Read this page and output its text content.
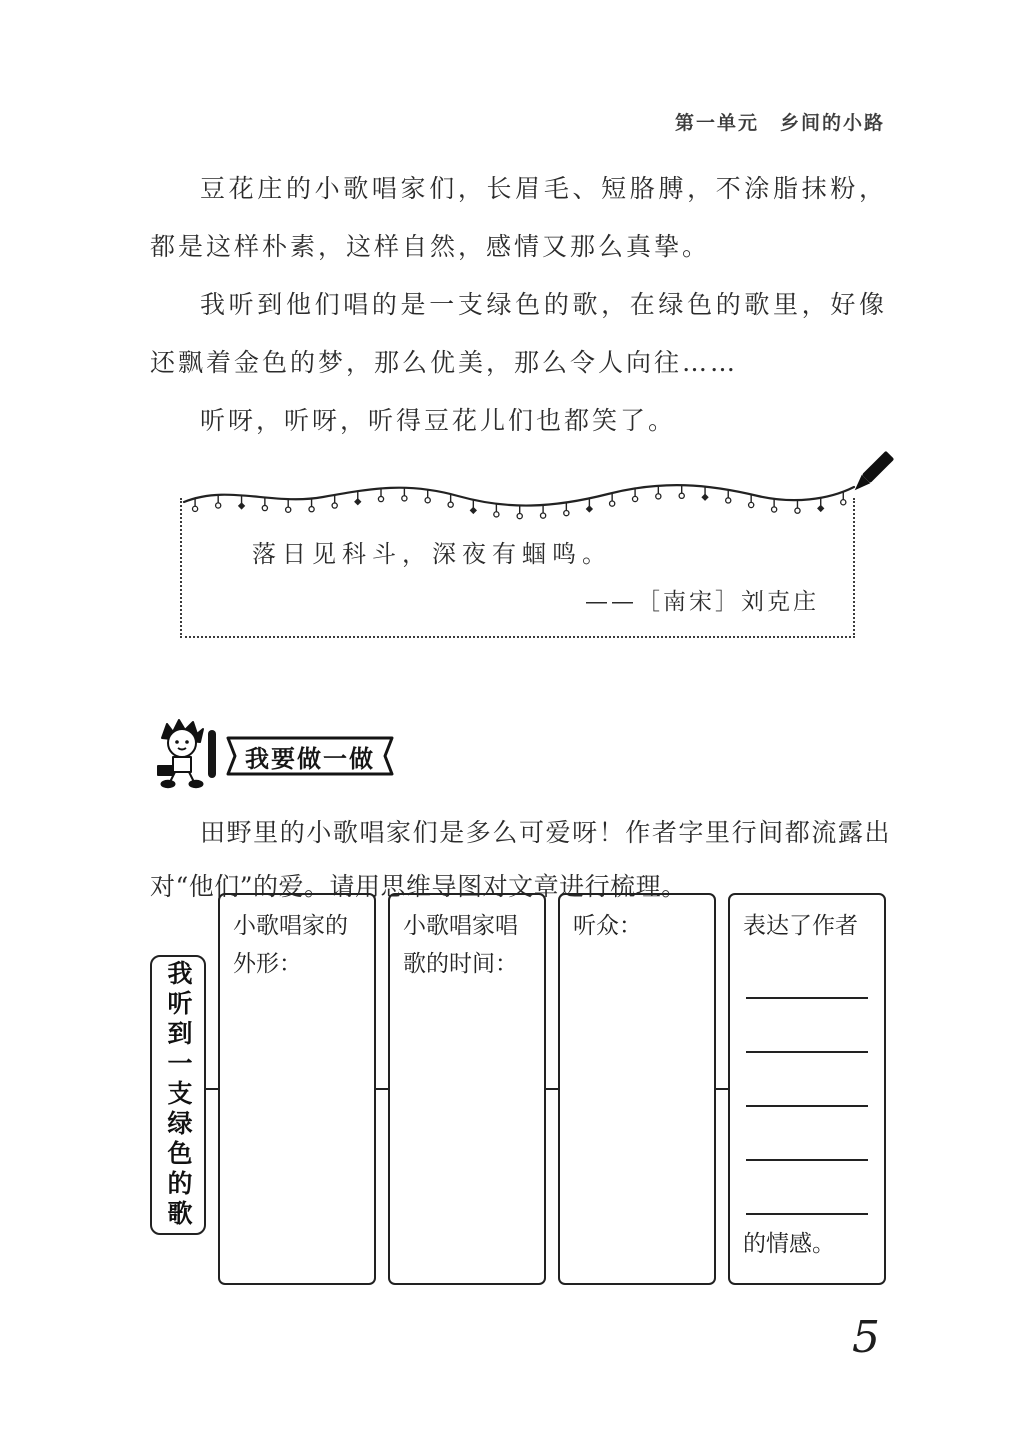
第一单元　乡间的小路

豆花庄的小歌唱家们，长眉毛、短胳膊，不涂脂抹粉，都是这样朴素，这样自然，感情又那么真挚。

我听到他们唱的是一支绿色的歌，在绿色的歌里，好像还飘着金色的梦，那么优美，那么令人向往……

听呀，听呀，听得豆花儿们也都笑了。

落日见科斗，深夜有蝈鸣。
——［南宋］刘克庄
我要做一做

田野里的小歌唱家们是多么可爱呀！作者字里行间都流露出对“他们”的爱。请用思维导图对文章进行梳理。

我听到一支绿色的歌
小歌唱家的外形：
小歌唱家唱歌的时间：
听众：	表达了作者
的情感。
5
